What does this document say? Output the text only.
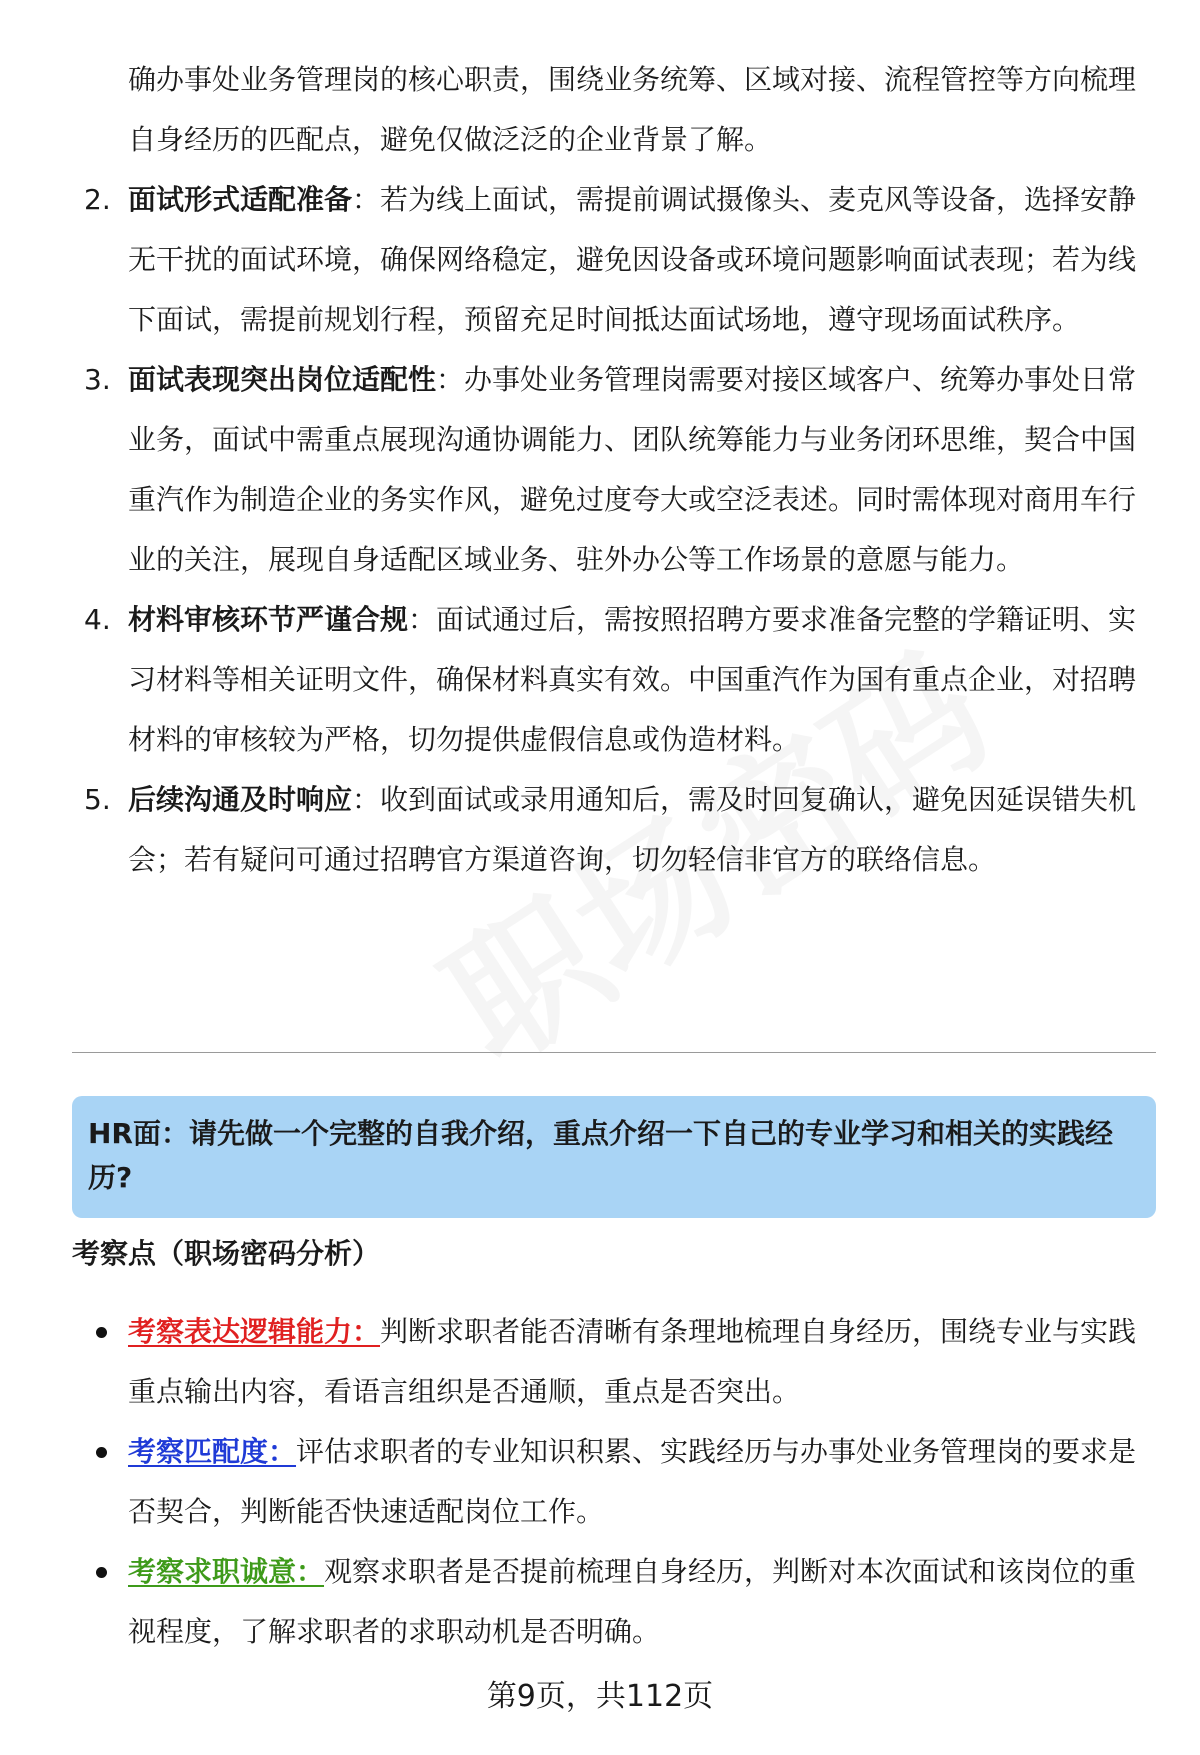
确办事处业务管理岗的核心职责，围绕业务统筹、区域对接、流程管控等方向梳理自身经历的匹配点，避免仅做泛泛的企业背景了解。
2. 面试形式适配准备：若为线上面试，需提前调试摄像头、麦克风等设备，选择安静无干扰的面试环境，确保网络稳定，避免因设备或环境问题影响面试表现；若为线下面试，需提前规划行程，预留充足时间抵达面试场地，遵守现场面试秩序。
3. 面试表现突出岗位适配性：办事处业务管理岗需要对接区域客户、统筹办事处日常业务，面试中需重点展现沟通协调能力、团队统筹能力与业务闭环思维，契合中国重汽作为制造企业的务实作风，避免过度夸大或空泛表述。同时需体现对商用车行业的关注，展现自身适配区域业务、驻外办公等工作场景的意愿与能力。
4. 材料审核环节严谨合规：面试通过后，需按照招聘方要求准备完整的学籍证明、实习材料等相关证明文件，确保材料真实有效。中国重汽作为国有重点企业，对招聘材料的审核较为严格，切勿提供虚假信息或伪造材料。
5. 后续沟通及时响应：收到面试或录用通知后，需及时回复确认，避免因延误错失机会；若有疑问可通过招聘官方渠道咨询，切勿轻信非官方的联络信息。
HR面：请先做一个完整的自我介绍，重点介绍一下自己的专业学习和相关的实践经历?
考察点（职场密码分析）
考察表达逻辑能力：判断求职者能否清晰有条理地梳理自身经历，围绕专业与实践重点输出内容，看语言组织是否通顺，重点是否突出。
考察匹配度：评估求职者的专业知识积累、实践经历与办事处业务管理岗的要求是否契合，判断能否快速适配岗位工作。
考察求职诚意：观察求职者是否提前梳理自身经历，判断对本次面试和该岗位的重视程度，了解求职者的求职动机是否明确。
第9页，共112页
